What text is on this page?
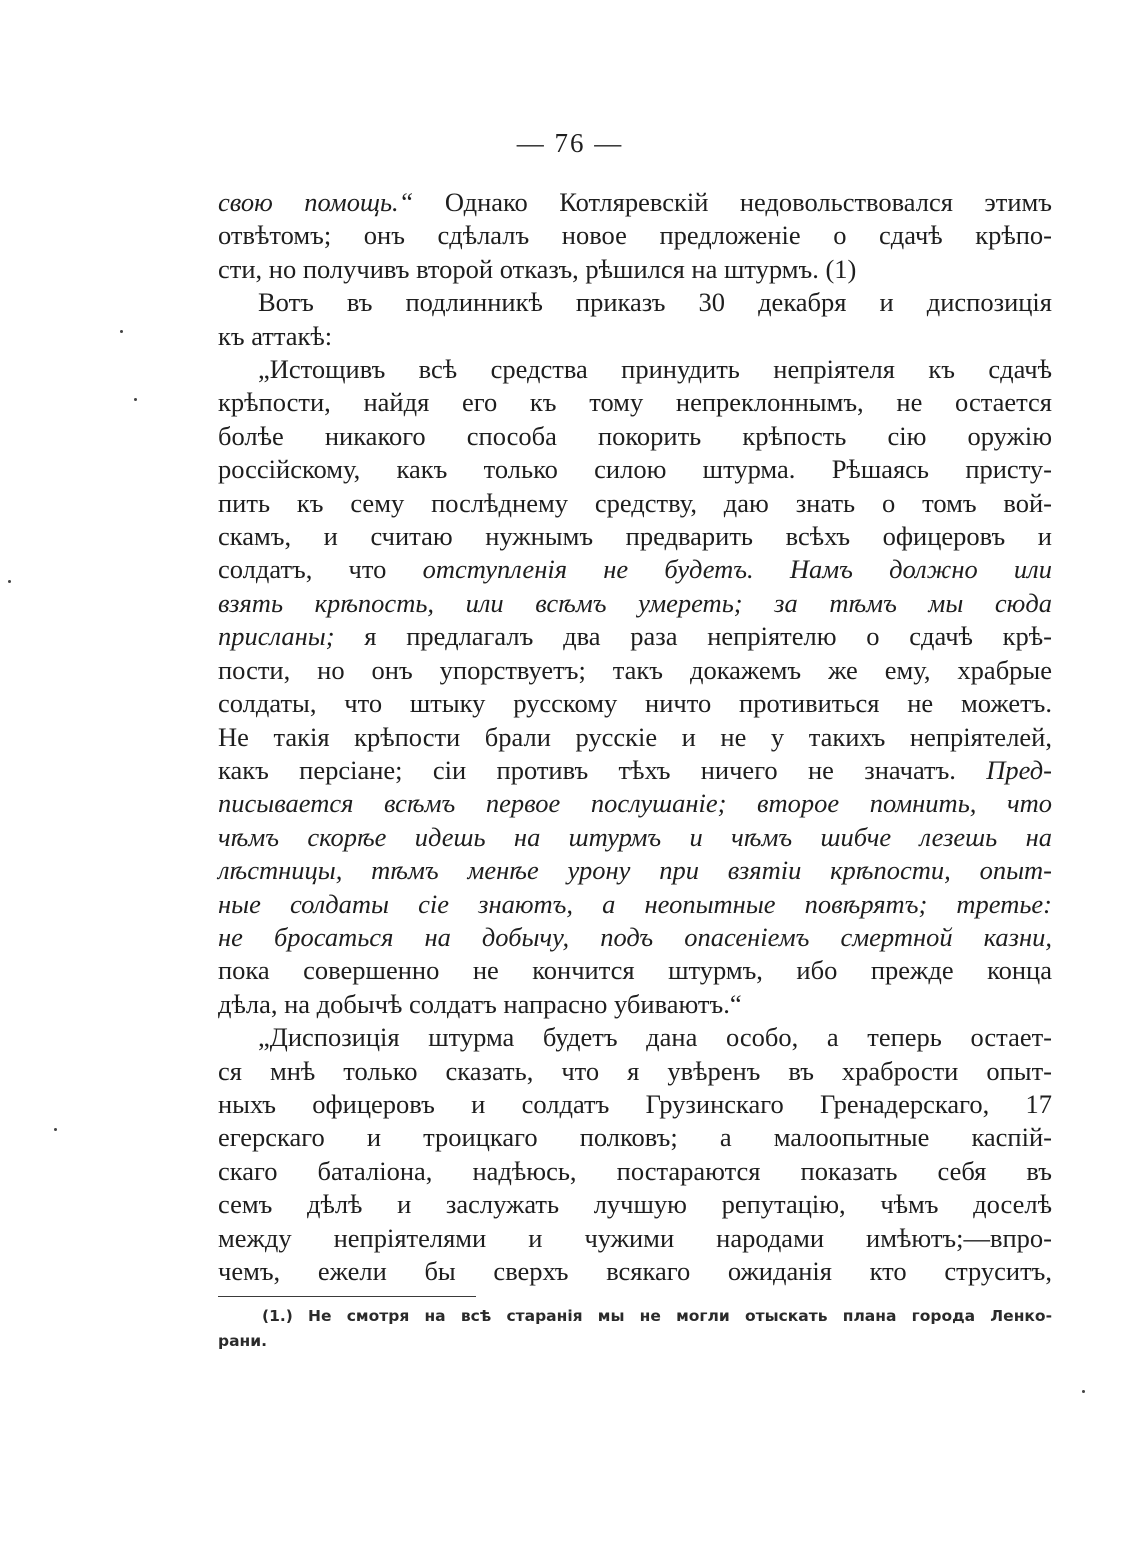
— 76 —
свою помощь.“ Однако Котляревскій недовольствовался этимъ
отвѣтомъ; онъ сдѣлалъ новое предложеніе о сдачѣ крѣпо-
сти, но получивъ второй отказъ, рѣшился на штурмъ. (1)
Вотъ въ подлинникѣ приказъ 30 декабря и диспозиція
къ аттакѣ:
„Истощивъ всѣ средства принудить непріятеля къ сдачѣ
крѣпости, найдя его къ тому непреклоннымъ, не остается
болѣе никакого способа покорить крѣпость сію оружію
россійскому, какъ только силою штурма. Рѣшаясь присту-
пить къ сему послѣднему средству, даю знать о томъ вой-
скамъ, и считаю нужнымъ предварить всѣхъ офицеровъ и
солдатъ, что отступленія не будетъ. Намъ должно или
взять крѣпость, или всѣмъ умереть; за тѣмъ мы сюда
присланы; я предлагалъ два раза непріятелю о сдачѣ крѣ-
пости, но онъ упорствуетъ; такъ докажемъ же ему, храбрые
солдаты, что штыку русскому ничто противиться не можетъ.
Не такія крѣпости брали русскіе и не у такихъ непріятелей,
какъ персіане; сіи противъ тѣхъ ничего не значатъ. Пред-
писывается всѣмъ первое послушаніе; второе помнить, что
чѣмъ скорѣе идешь на штурмъ и чѣмъ шибче лезешь на
лѣстницы, тѣмъ менѣе урону при взятіи крѣпости, опыт-
ные солдаты сіе знаютъ, а неопытные повѣрятъ; третье:
не бросаться на добычу, подъ опасеніемъ смертной казни,
пока совершенно не кончится штурмъ, ибо прежде конца
дѣла, на добычѣ солдатъ напрасно убиваютъ.“
„Диспозиція штурма будетъ дана особо, а теперь остает-
ся мнѣ только сказать, что я увѣренъ въ храбрости опыт-
ныхъ офицеровъ и солдатъ Грузинскаго Гренадерскаго, 17
егерскаго и троицкаго полковъ; а малоопытные каспій-
скаго баталіона, надѣюсь, постараются показать себя въ
семъ дѣлѣ и заслужать лучшую репутацію, чѣмъ доселѣ
между непріятелями и чужими народами имѣютъ;—впро-
чемъ, ежели бы сверхъ всякаго ожиданія кто струситъ,
(1.) Не смотря на всѣ старанія мы не могли отыскать плана города Ленко-
рани.
